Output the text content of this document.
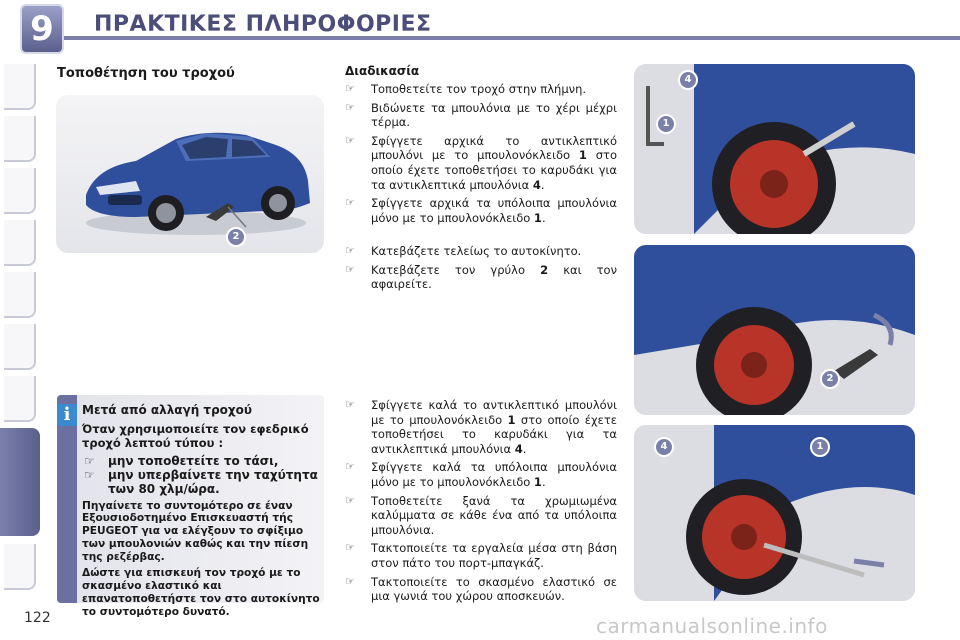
9 ΠΡΑΚΤΙΚΕΣ ΠΛΗΡΟΦΟΡΙΕΣ
Τοποθέτηση του τροχού
2
i Μετά από αλλαγή τροχού
Όταν χρησιμοποιείτε τον εφεδρικό τροχό λεπτού τύπου :
☞ μην τοποθετείτε το τάσι,
☞ μην υπερβαίνετε την ταχύτητα των 80 χλμ/ώρα.
Πηγαίνετε το συντομότερο σε έναν Εξουσιοδοτημένο Επισκευαστή τής PEUGEOT για να ελέγξουν το σφίξιμο των μπουλονιών καθώς και την πίεση της ρεζέρβας.
Δώστε για επισκευή τον τροχό με το σκασμένο ελαστικό και επανατοποθετήστε τον στο αυτοκίνητο το συντομότερο δυνατό.
Διαδικασία
☞ Τοποθετείτε τον τροχό στην πλήμνη.
☞ Βιδώνετε τα μπουλόνια με το χέρι μέχρι τέρμα.
☞ Σφίγγετε αρχικά το αντικλεπτικό μπουλόνι με το μπουλονόκλειδο 1 στο οποίο έχετε τοποθετήσει το καρυδάκι για τα αντικλεπτικά μπουλόνια 4.
☞ Σφίγγετε αρχικά τα υπόλοιπα μπουλόνια μόνο με το μπουλονόκλειδο 1.
☞ Κατεβάζετε τελείως το αυτοκίνητο.
☞ Κατεβάζετε τον γρύλο 2 και τον αφαιρείτε.
☞ Σφίγγετε καλά το αντικλεπτικό μπουλόνι με το μπουλονόκλειδο 1 στο οποίο έχετε τοποθετήσει το καρυδάκι για τα αντικλεπτικά μπουλόνια 4.
☞ Σφίγγετε καλά τα υπόλοιπα μπουλόνια μόνο με το μπουλονόκλειδο 1.
☞ Τοποθετείτε ξανά τα χρωμιωμένα καλύμματα σε κάθε ένα από τα υπόλοιπα μπουλόνια.
☞ Τακτοποιείτε τα εργαλεία μέσα στη βάση στον πάτο του πορτ-μπαγκάζ.
☞ Τακτοποιείτε το σκασμένο ελαστικό σε μια γωνιά του χώρου αποσκευών.
4
1
2
4	1
122	carmanualsonline.info
